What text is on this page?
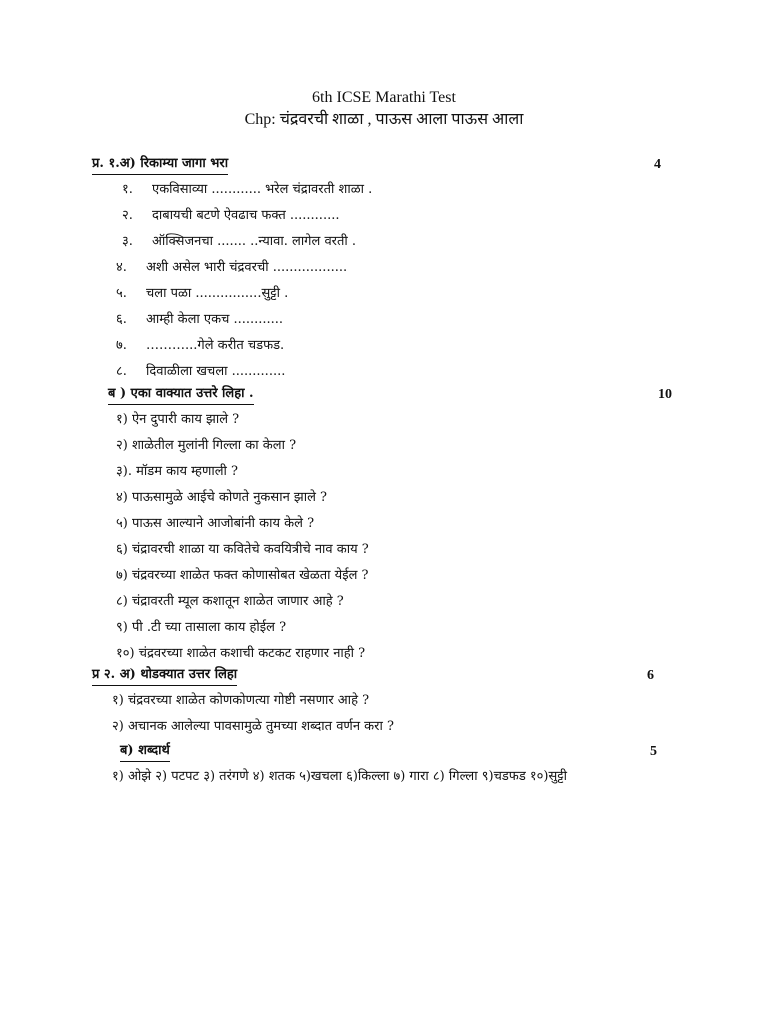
6th ICSE Marathi Test
Chp: चंद्रवरची शाळा , पाऊस आला पाऊस आला
प्र. १.अ) रिकाम्या जागा भरा	4
१. एकविसाव्या ............ भरेल चंद्रावरती शाळा .
२. दाबायची बटणे ऐवढाच फक्त ............
३. ऑक्सिजनचा ....... ..न्यावा. लागेल वरती .
४. अशी असेल भारी चंद्रवरची ..................
५. चला पळा ................सुट्टी .
६. आम्ही केला एकच ............
७. ………...गेले करीत चडफड.
८. दिवाळीला खचला .............
ब ) एका वाक्यात उत्तरे लिहा .	10
१) ऐन दुपारी काय झाले ?
२) शाळेतील मुलांनी गिल्ला का केला ?
३). मॉडम काय म्हणाली ?
४) पाऊसामुळे आईचे कोणते नुकसान झाले ?
५) पाऊस आल्याने आजोबांनी काय केले ?
६) चंद्रावरची शाळा या कवितेचे कवयित्रीचे नाव काय ?
७) चंद्रवरच्या शाळेत फक्त कोणासोबत खेळता येईल ?
८) चंद्रावरती म्यूल कशातून शाळेत जाणार आहे ?
९) पी .टी च्या तासाला काय होईल ?
१०) चंद्रवरच्या शाळेत कशाची कटकट राहणार नाही ?
प्र २. अ) थोडक्यात उत्तर लिहा	6
१) चंद्रवरच्या शाळेत कोणकोणत्या गोष्टी नसणार आहे ?
२) अचानक आलेल्या पावसामुळे तुमच्या शब्दात वर्णन करा ?
ब) शब्दार्थ	5
१) ओझे २) पटपट ३) तरंगणे ४) शतक ५)खचला ६)किल्ला ७) गारा ८) गिल्ला ९)चडफड १०)सुट्टी
